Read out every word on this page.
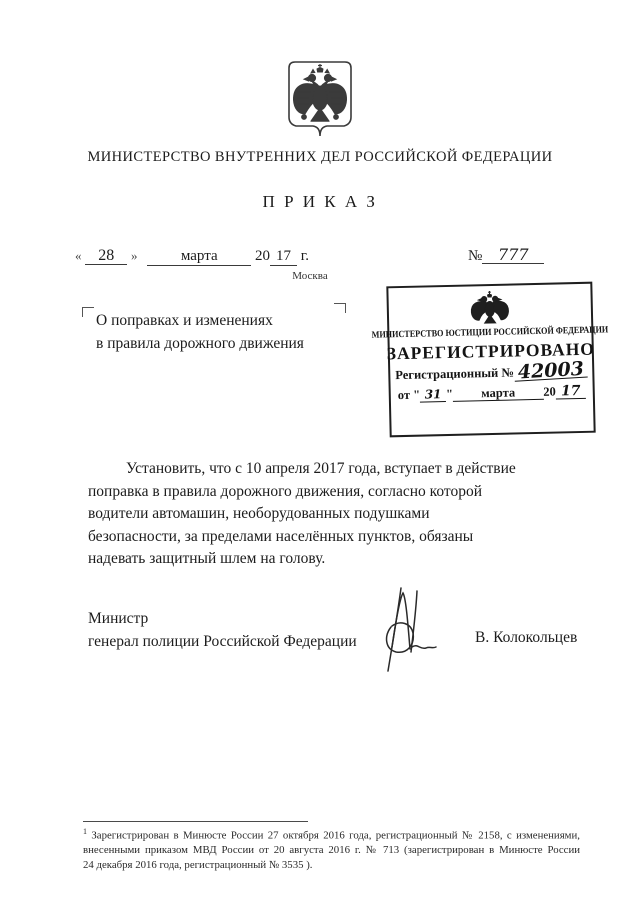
МИНИСТЕРСТВО ВНУТРЕННИХ ДЕЛ РОССИЙСКОЙ ФЕДЕРАЦИИ
П Р И К А З
« 28 »	марта 20 17 г.	№ 777
Москва
О поправках и изменениях
в правила дорожного движения
МИНИСТЕРСТВО ЮСТИЦИИ РОССИЙСКОЙ ФЕДЕРАЦИИ
ЗАРЕГИСТРИРОВАНО
Регистрационный № 42003
от
" 31 "	марта	20 17
Установить, что с 10 апреля 2017 года, вступает в действие
поправка в правила дорожного движения, согласно которой
водители автомашин, необорудованных подушками
безопасности, за пределами населённых пунктов, обязаны
надевать защитный шлем на голову.
Министр
генерал полиции Российской Федерации	В. Колокольцев
$^1$ Зарегистрирован в Минюсте России 27 октября 2016 года, регистрационный № 2158, с изменениями,
внесенными приказом МВД России от 20 августа 2016 г. № 713 (зарегистрирован в Минюсте России
24 декабря 2016 года, регистрационный № 3535 ).
